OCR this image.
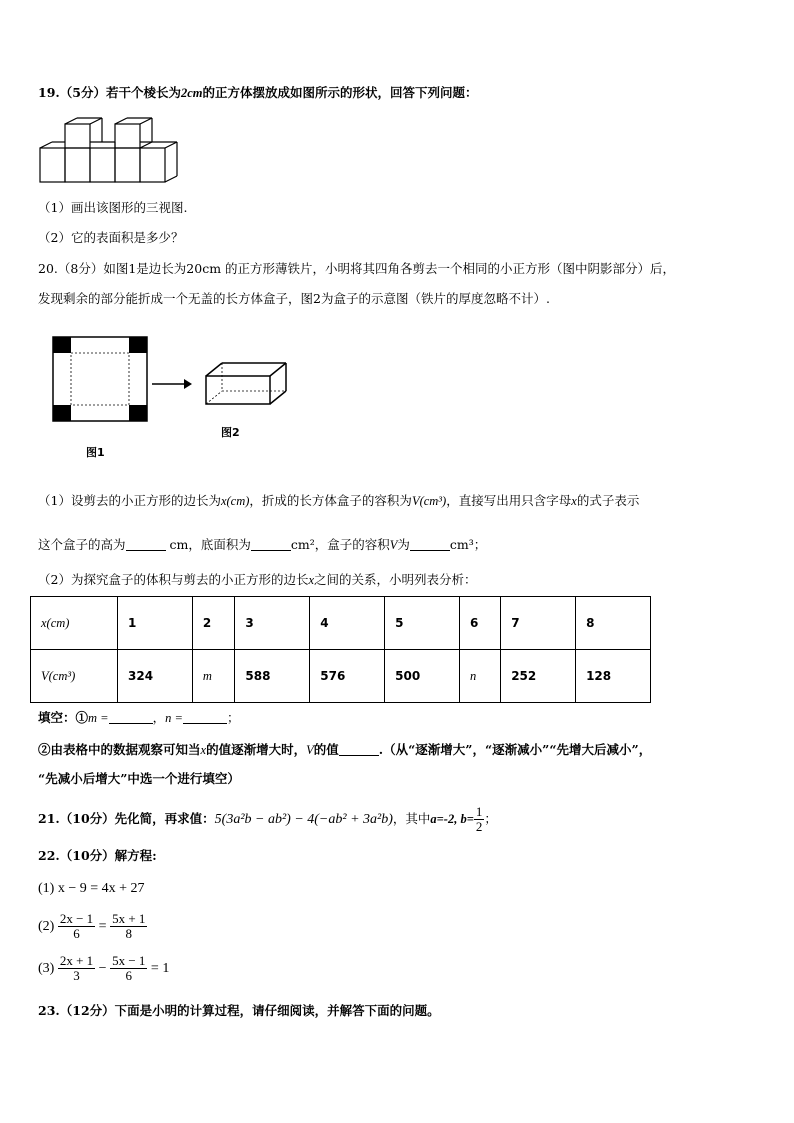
19.（5分）若干个棱长为2cm的正方体摆放成如图所示的形状，回答下列问题：
（1）画出该图形的三视图.
（2）它的表面积是多少？
20.（8分）如图1是边长为20cm 的正方形薄铁片，小明将其四角各剪去一个相同的小正方形（图中阴影部分）后，
发现剩余的部分能折成一个无盖的长方体盒子，图2为盒子的示意图（铁片的厚度忽略不计）.
图2
图1
（1）设剪去的小正方形的边长为x(cm)，折成的长方体盒子的容积为V(cm³)，直接写出用只含字母x的式子表示
这个盒子的高为	cm，底面积为	cm²，盒子的容积V为	cm³；
（2）为探究盒子的体积与剪去的小正方形的边长x之间的关系，小明列表分析：
x(cm)	1	2	3	4	5	6	7	8
V(cm³)	324	m	588	576	500	n	252	128
填空：①m =	，n =	；
②由表格中的数据观察可知当x的值逐渐增大时，V的值	.（从“逐渐增大”，“逐渐减小”“先增大后减小”，
“先减小后增大”中选一个进行填空）
21.（10分）先化简，再求值：5(3a²b − ab²) − 4(−ab² + 3a²b)，其中a=-2, $b= \frac{1}{2}$ ；
22.（10分）解方程:
(1) x − 9 = 4x + 27
$(2) \frac{2x - 1}{6} = \frac{5x + 1}{8}$
$(3) \frac{2x + 1}{3} - \frac{5x - 1}{6} = 1$
23.（12分）下面是小明的计算过程，请仔细阅读，并解答下面的问题。
